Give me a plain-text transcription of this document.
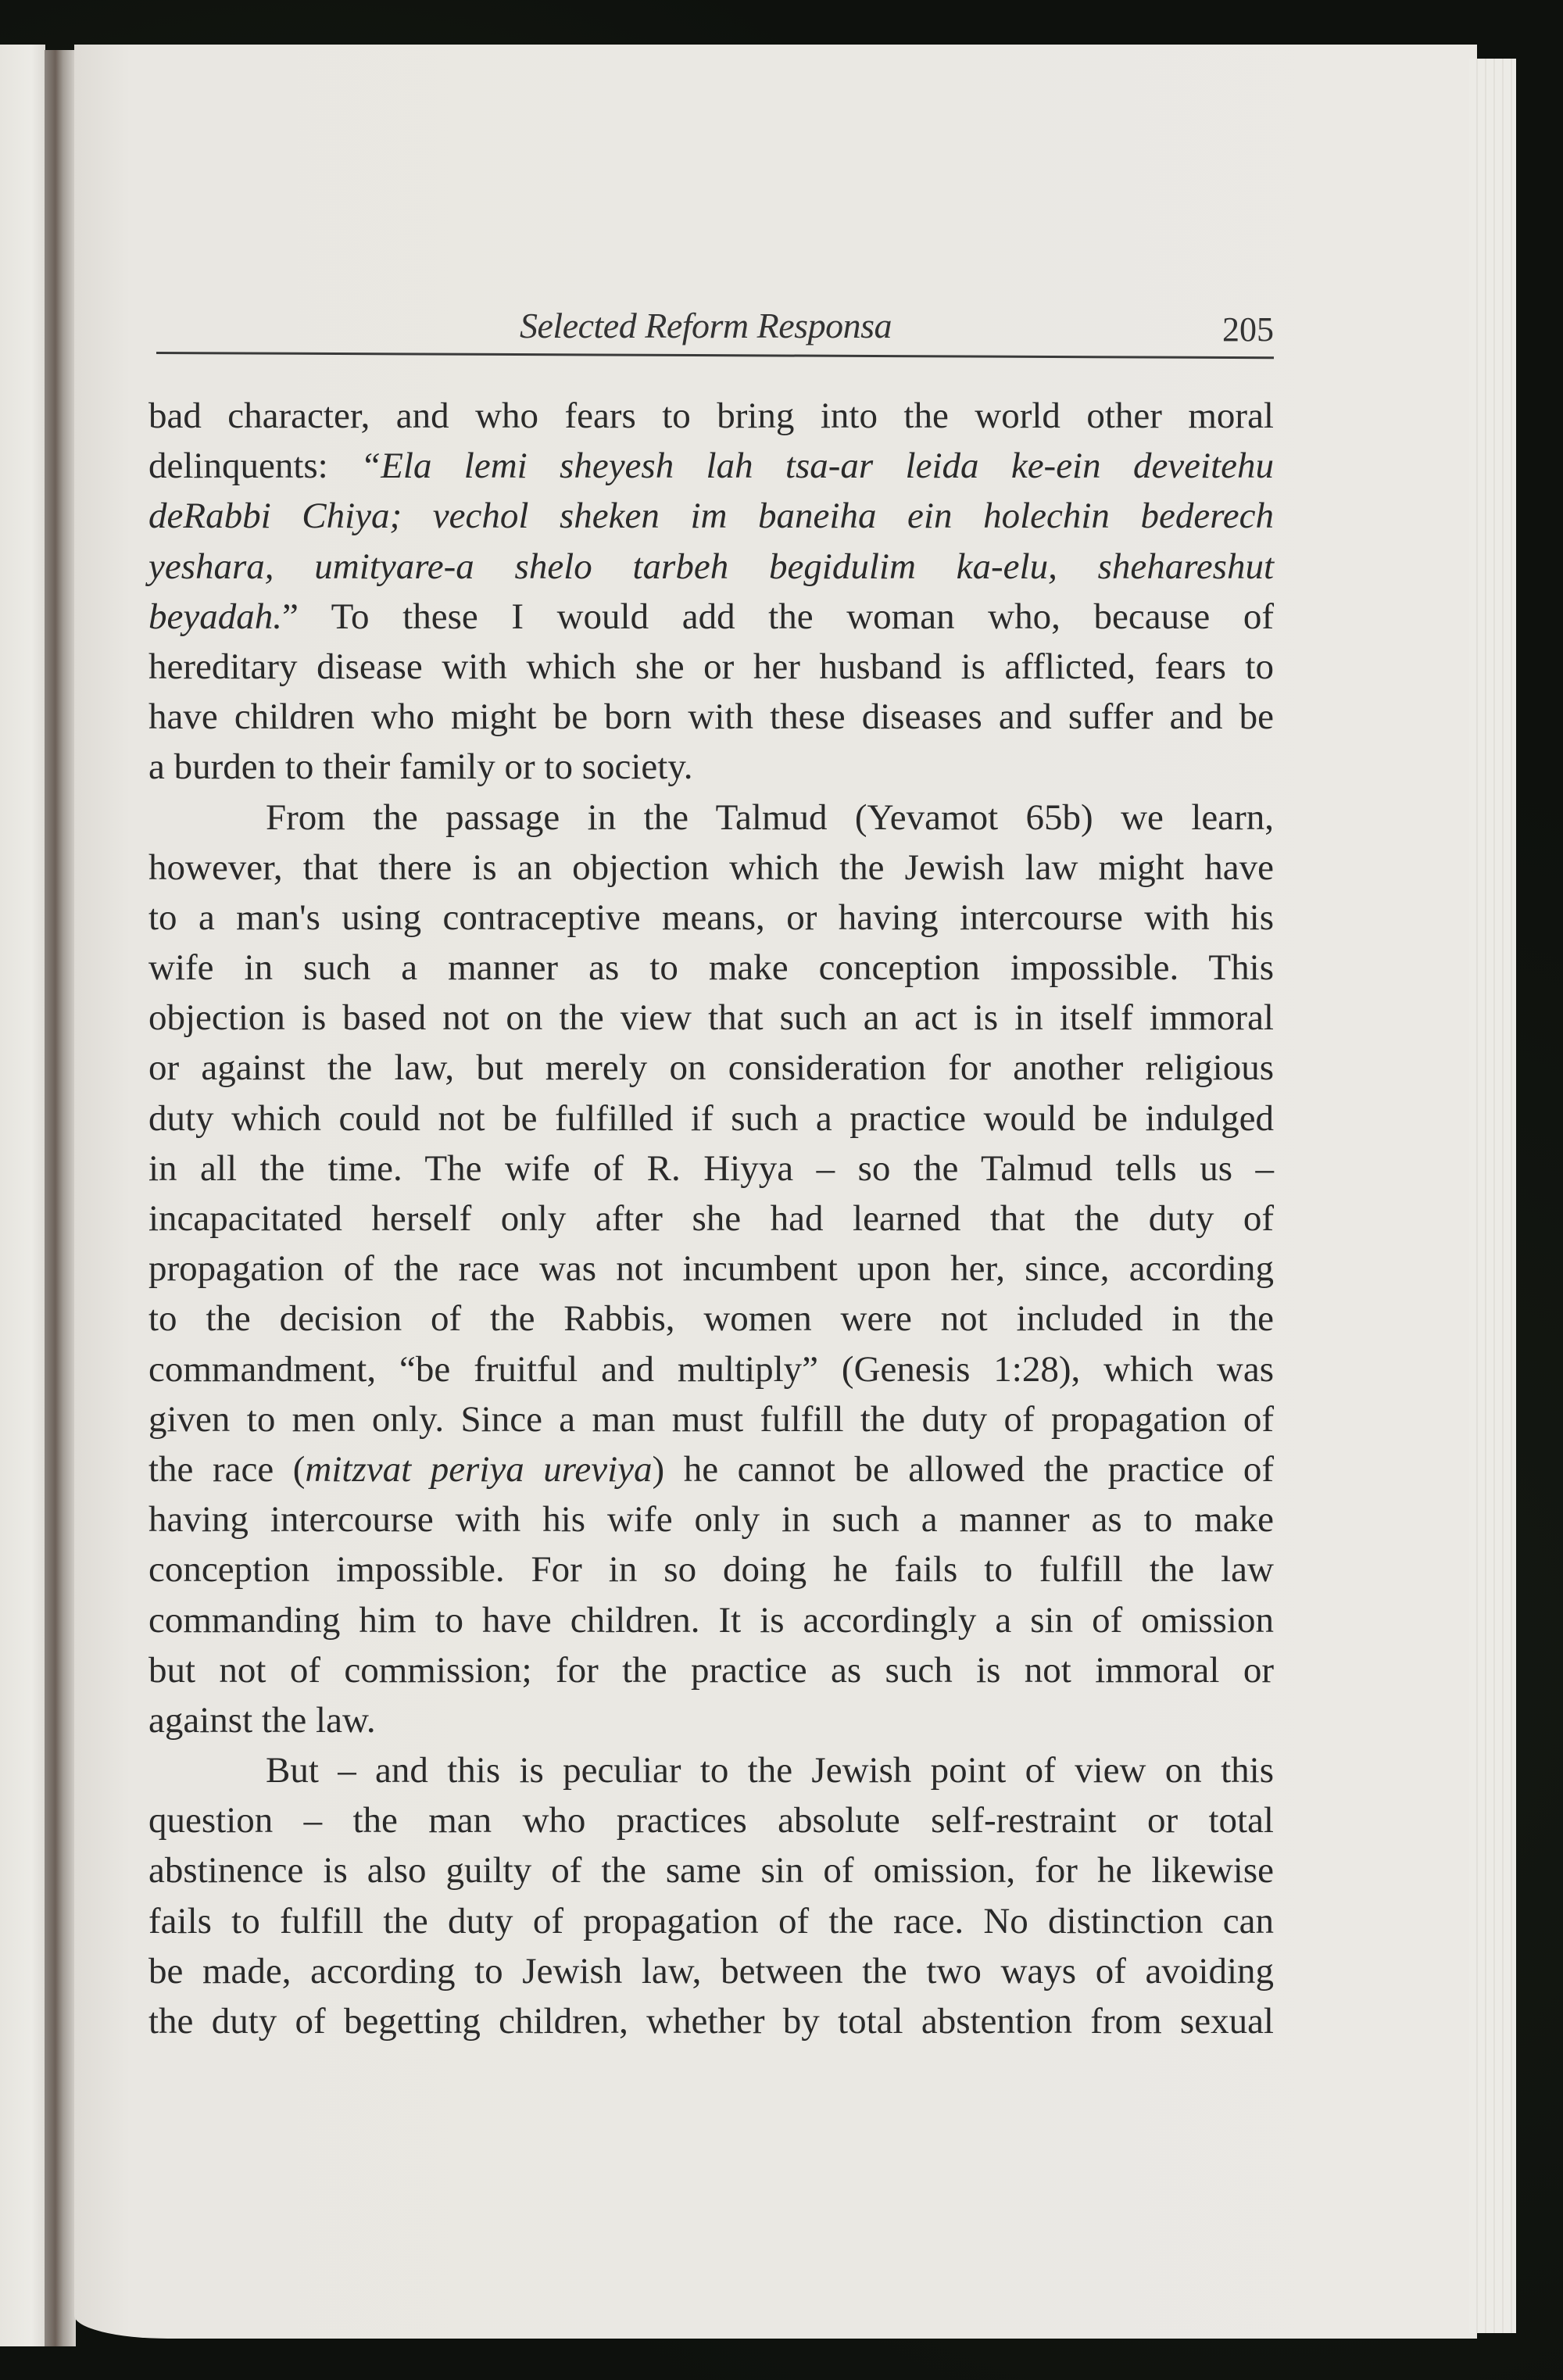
Selected Reform Responsa	205
bad character, and who fears to bring into the world other moral
delinquents: “Ela lemi sheyesh lah tsa-ar leida ke-ein deveitehu
deRabbi Chiya; vechol sheken im baneiha ein holechin bederech
yeshara, umityare-a shelo tarbeh begidulim ka-elu, shehareshut
beyadah.” To these I would add the woman who, because of
hereditary disease with which she or her husband is afflicted, fears to
have children who might be born with these diseases and suffer and be
a burden to their family or to society.
From the passage in the Talmud (Yevamot 65b) we learn,
however, that there is an objection which the Jewish law might have
to a man's using contraceptive means, or having intercourse with his
wife in such a manner as to make conception impossible. This
objection is based not on the view that such an act is in itself immoral
or against the law, but merely on consideration for another religious
duty which could not be fulfilled if such a practice would be indulged
in all the time. The wife of R. Hiyya – so the Talmud tells us –
incapacitated herself only after she had learned that the duty of
propagation of the race was not incumbent upon her, since, according
to the decision of the Rabbis, women were not included in the
commandment, “be fruitful and multiply” (Genesis 1:28), which was
given to men only. Since a man must fulfill the duty of propagation of
the race (mitzvat periya ureviya) he cannot be allowed the practice of
having intercourse with his wife only in such a manner as to make
conception impossible. For in so doing he fails to fulfill the law
commanding him to have children. It is accordingly a sin of omission
but not of commission; for the practice as such is not immoral or
against the law.
But – and this is peculiar to the Jewish point of view on this
question – the man who practices absolute self-restraint or total
abstinence is also guilty of the same sin of omission, for he likewise
fails to fulfill the duty of propagation of the race. No distinction can
be made, according to Jewish law, between the two ways of avoiding
the duty of begetting children, whether by total abstention from sexual
